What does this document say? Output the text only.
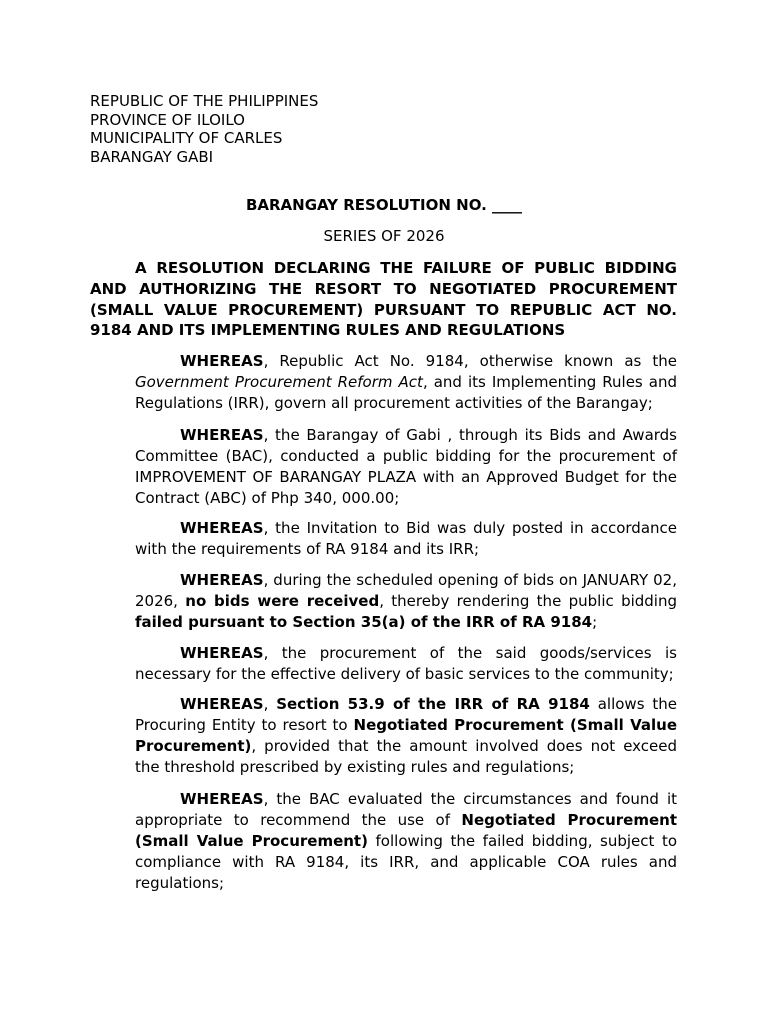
REPUBLIC OF THE PHILIPPINES
PROVINCE OF ILOILO
MUNICIPALITY OF CARLES
BARANGAY GABI
BARANGAY RESOLUTION NO. ____
SERIES OF 2026

A RESOLUTION DECLARING THE FAILURE OF PUBLIC BIDDING AND AUTHORIZING THE RESORT TO NEGOTIATED PROCUREMENT (SMALL VALUE PROCUREMENT) PURSUANT TO REPUBLIC ACT NO. 9184 AND ITS IMPLEMENTING RULES AND REGULATIONS

WHEREAS, Republic Act No. 9184, otherwise known as the Government Procurement Reform Act, and its Implementing Rules and Regulations (IRR), govern all procurement activities of the Barangay;

WHEREAS, the Barangay of Gabi , through its Bids and Awards Committee (BAC), conducted a public bidding for the procurement of IMPROVEMENT OF BARANGAY PLAZA with an Approved Budget for the Contract (ABC) of Php 340, 000.00;

WHEREAS, the Invitation to Bid was duly posted in accordance with the requirements of RA 9184 and its IRR;

WHEREAS, during the scheduled opening of bids on JANUARY 02, 2026, no bids were received, thereby rendering the public bidding failed pursuant to Section 35(a) of the IRR of RA 9184;

WHEREAS, the procurement of the said goods/services is necessary for the effective delivery of basic services to the community;

WHEREAS, Section 53.9 of the IRR of RA 9184 allows the Procuring Entity to resort to Negotiated Procurement (Small Value Procurement), provided that the amount involved does not exceed the threshold prescribed by existing rules and regulations;

WHEREAS, the BAC evaluated the circumstances and found it appropriate to recommend the use of Negotiated Procurement (Small Value Procurement) following the failed bidding, subject to compliance with RA 9184, its IRR, and applicable COA rules and regulations;
